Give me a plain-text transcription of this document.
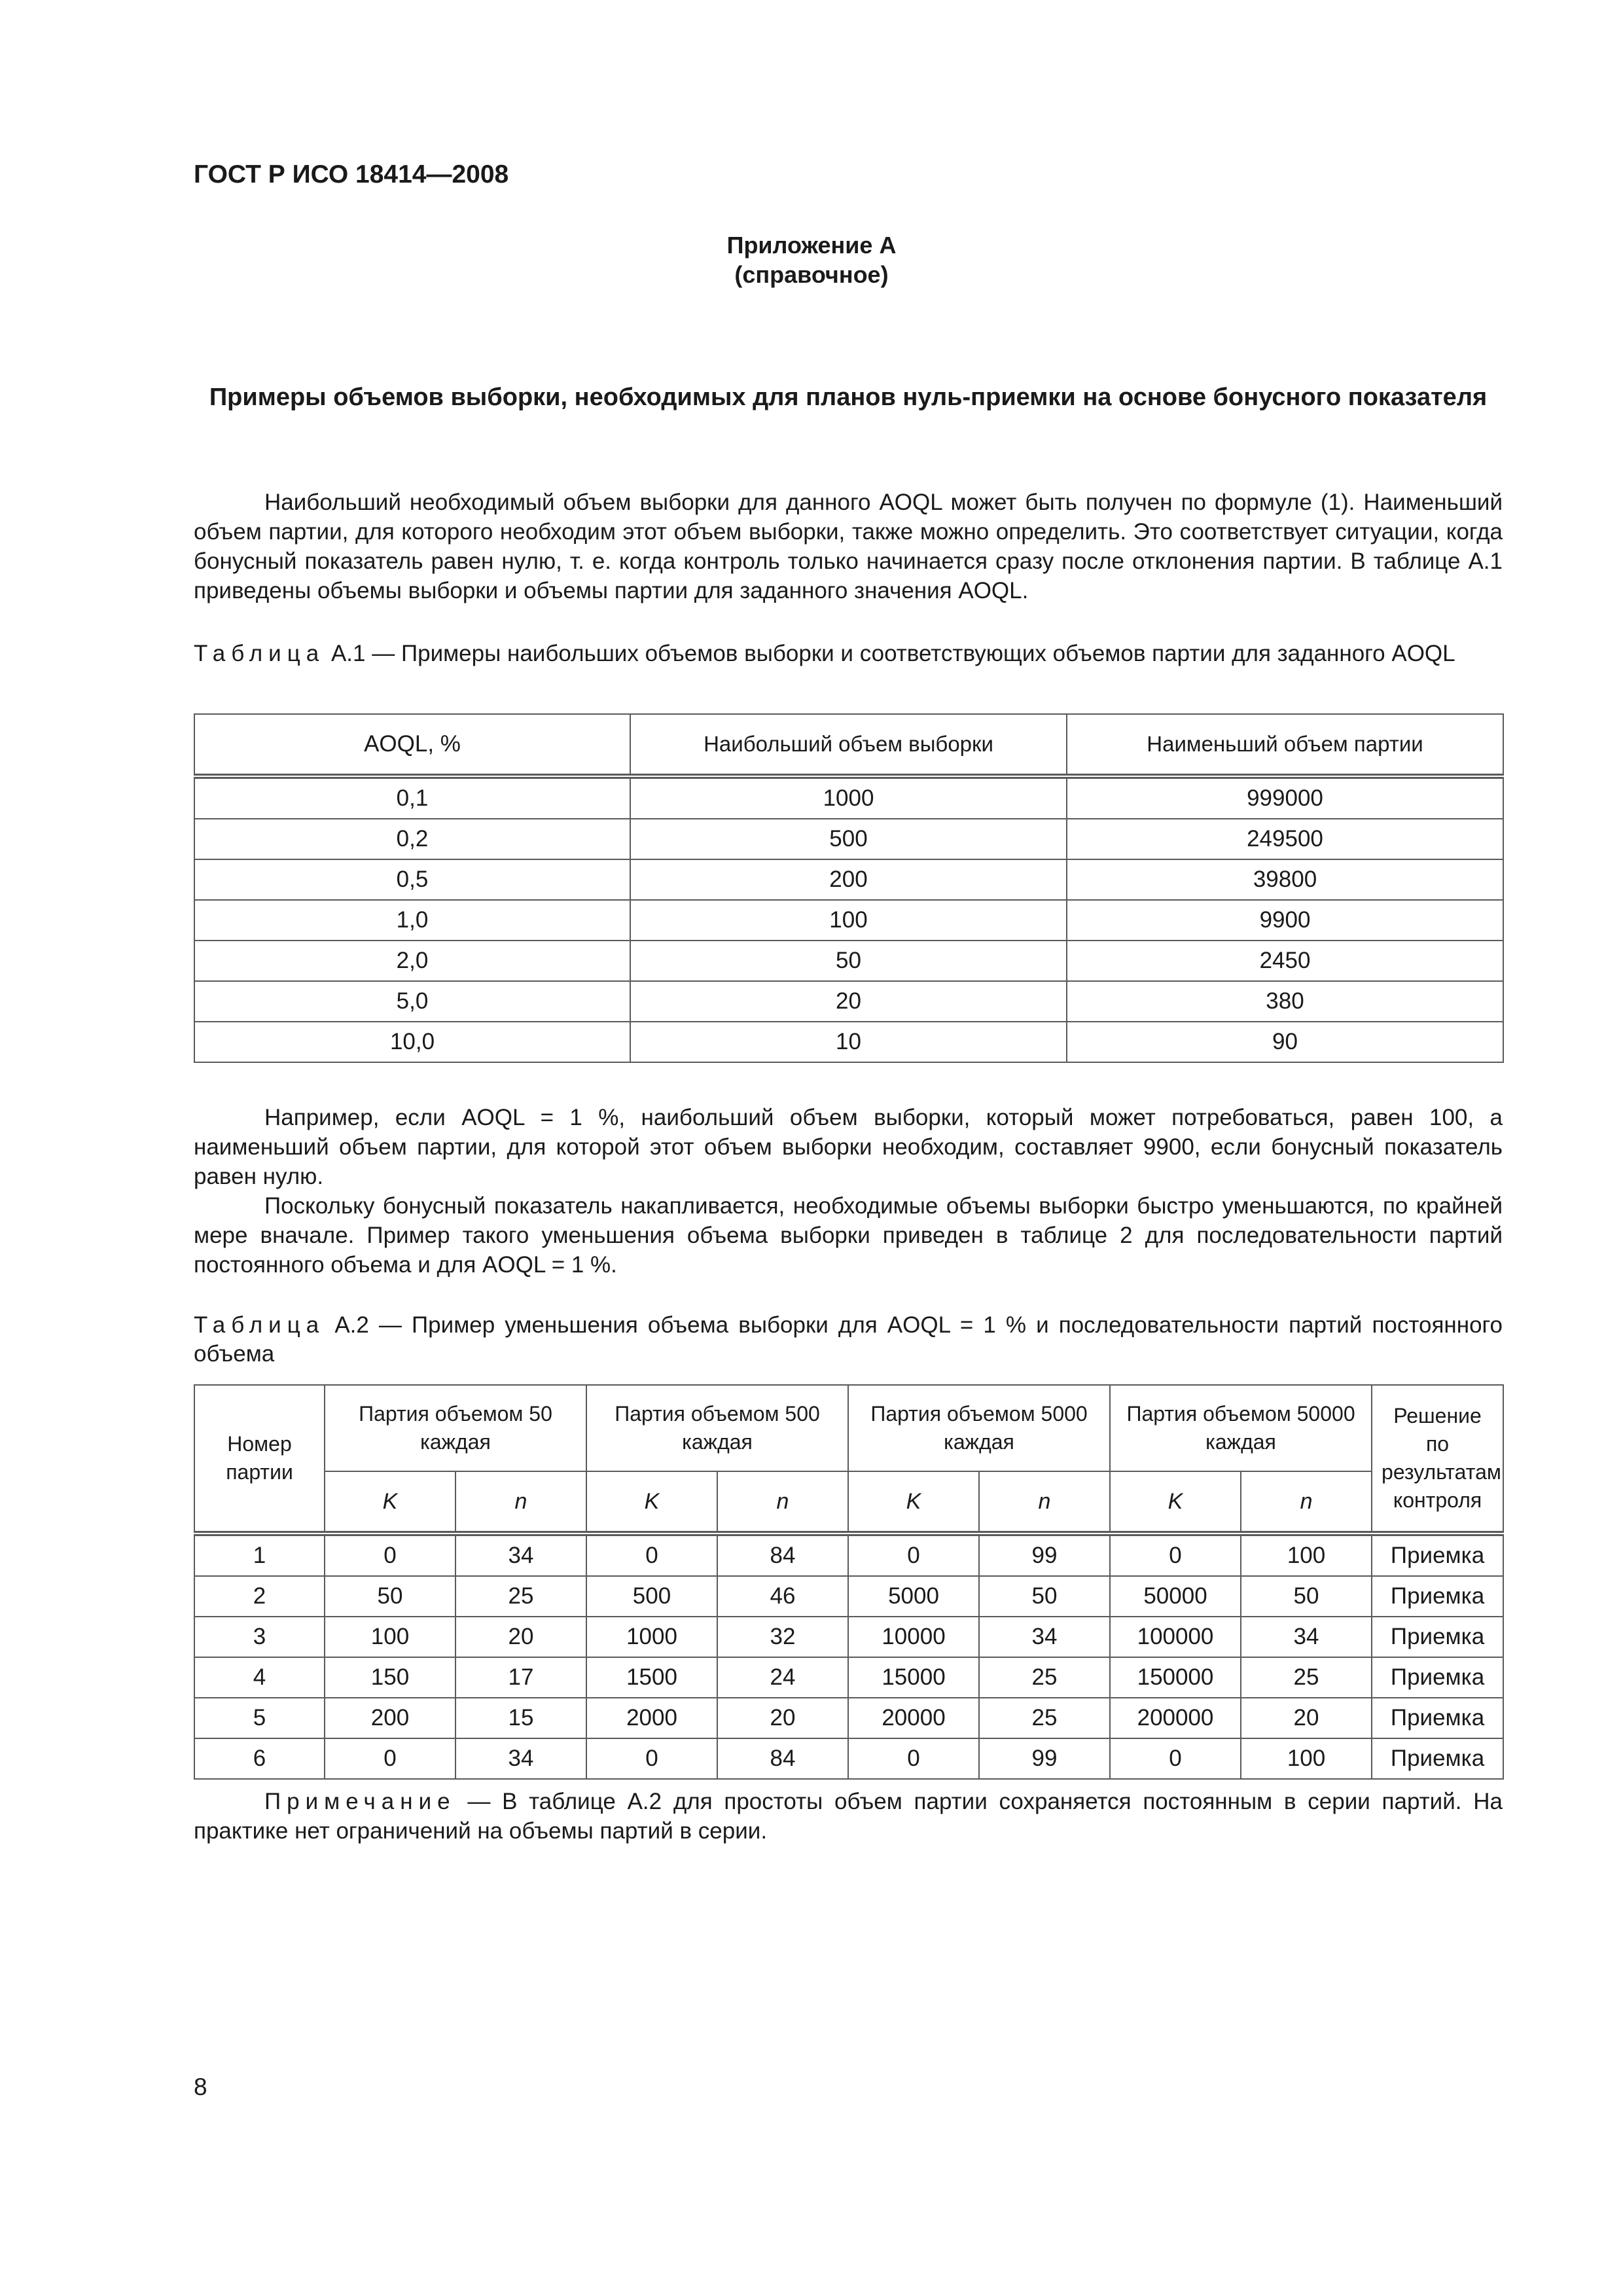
ГОСТ Р ИСО 18414—2008
Приложение А
(справочное)
Примеры объемов выборки, необходимых для планов нуль-приемки на основе бонусного показателя

Наибольший необходимый объем выборки для данного AOQL может быть получен по формуле (1). Наименьший объем партии, для которого необходим этот объем выборки, также можно определить. Это соответствует ситуации, когда бонусный показатель равен нулю, т. е. когда контроль только начинается сразу после отклонения партии. В таблице А.1 приведены объемы выборки и объемы партии для заданного значения AOQL.

Таблица А.1 — Примеры наибольших объемов выборки и соответствующих объемов партии для заданного AOQL

AOQL, %	Наибольший объем выборки	Наименьший объем партии
0,1	1000	999000
0,2	500	249500
0,5	200	39800
1,0	100	9900
2,0	50	2450
5,0	20	380
10,0	10	90

Например, если AOQL = 1 %, наибольший объем выборки, который может потребоваться, равен 100, а наименьший объем партии, для которой этот объем выборки необходим, составляет 9900, если бонусный показатель равен нулю.

Поскольку бонусный показатель накапливается, необходимые объемы выборки быстро уменьшаются, по крайней мере вначале. Пример такого уменьшения объема выборки приведен в таблице 2 для последовательности партий постоянного объема и для AOQL = 1 %.

Таблица А.2 — Пример уменьшения объема выборки для AOQL = 1 % и последовательности партий постоянного объема

Номер партии	Партия объемом 50 каждая		Партия объемом 500 каждая		Партия объемом 5000 каждая		Партия объемом 50000 каждая		Решение по результатам контроля
	K	n	K	n	K	n	K	n	
1	0	34	0	84	0	99	0	100	Приемка
2	50	25	500	46	5000	50	50000	50	Приемка
3	100	20	1000	32	10000	34	100000	34	Приемка
4	150	17	1500	24	15000	25	150000	25	Приемка
5	200	15	2000	20	20000	25	200000	20	Приемка
6	0	34	0	84	0	99	0	100	Приемка

Примечание — В таблице А.2 для простоты объем партии сохраняется постоянным в серии партий. На практике нет ограничений на объемы партий в серии.

8
